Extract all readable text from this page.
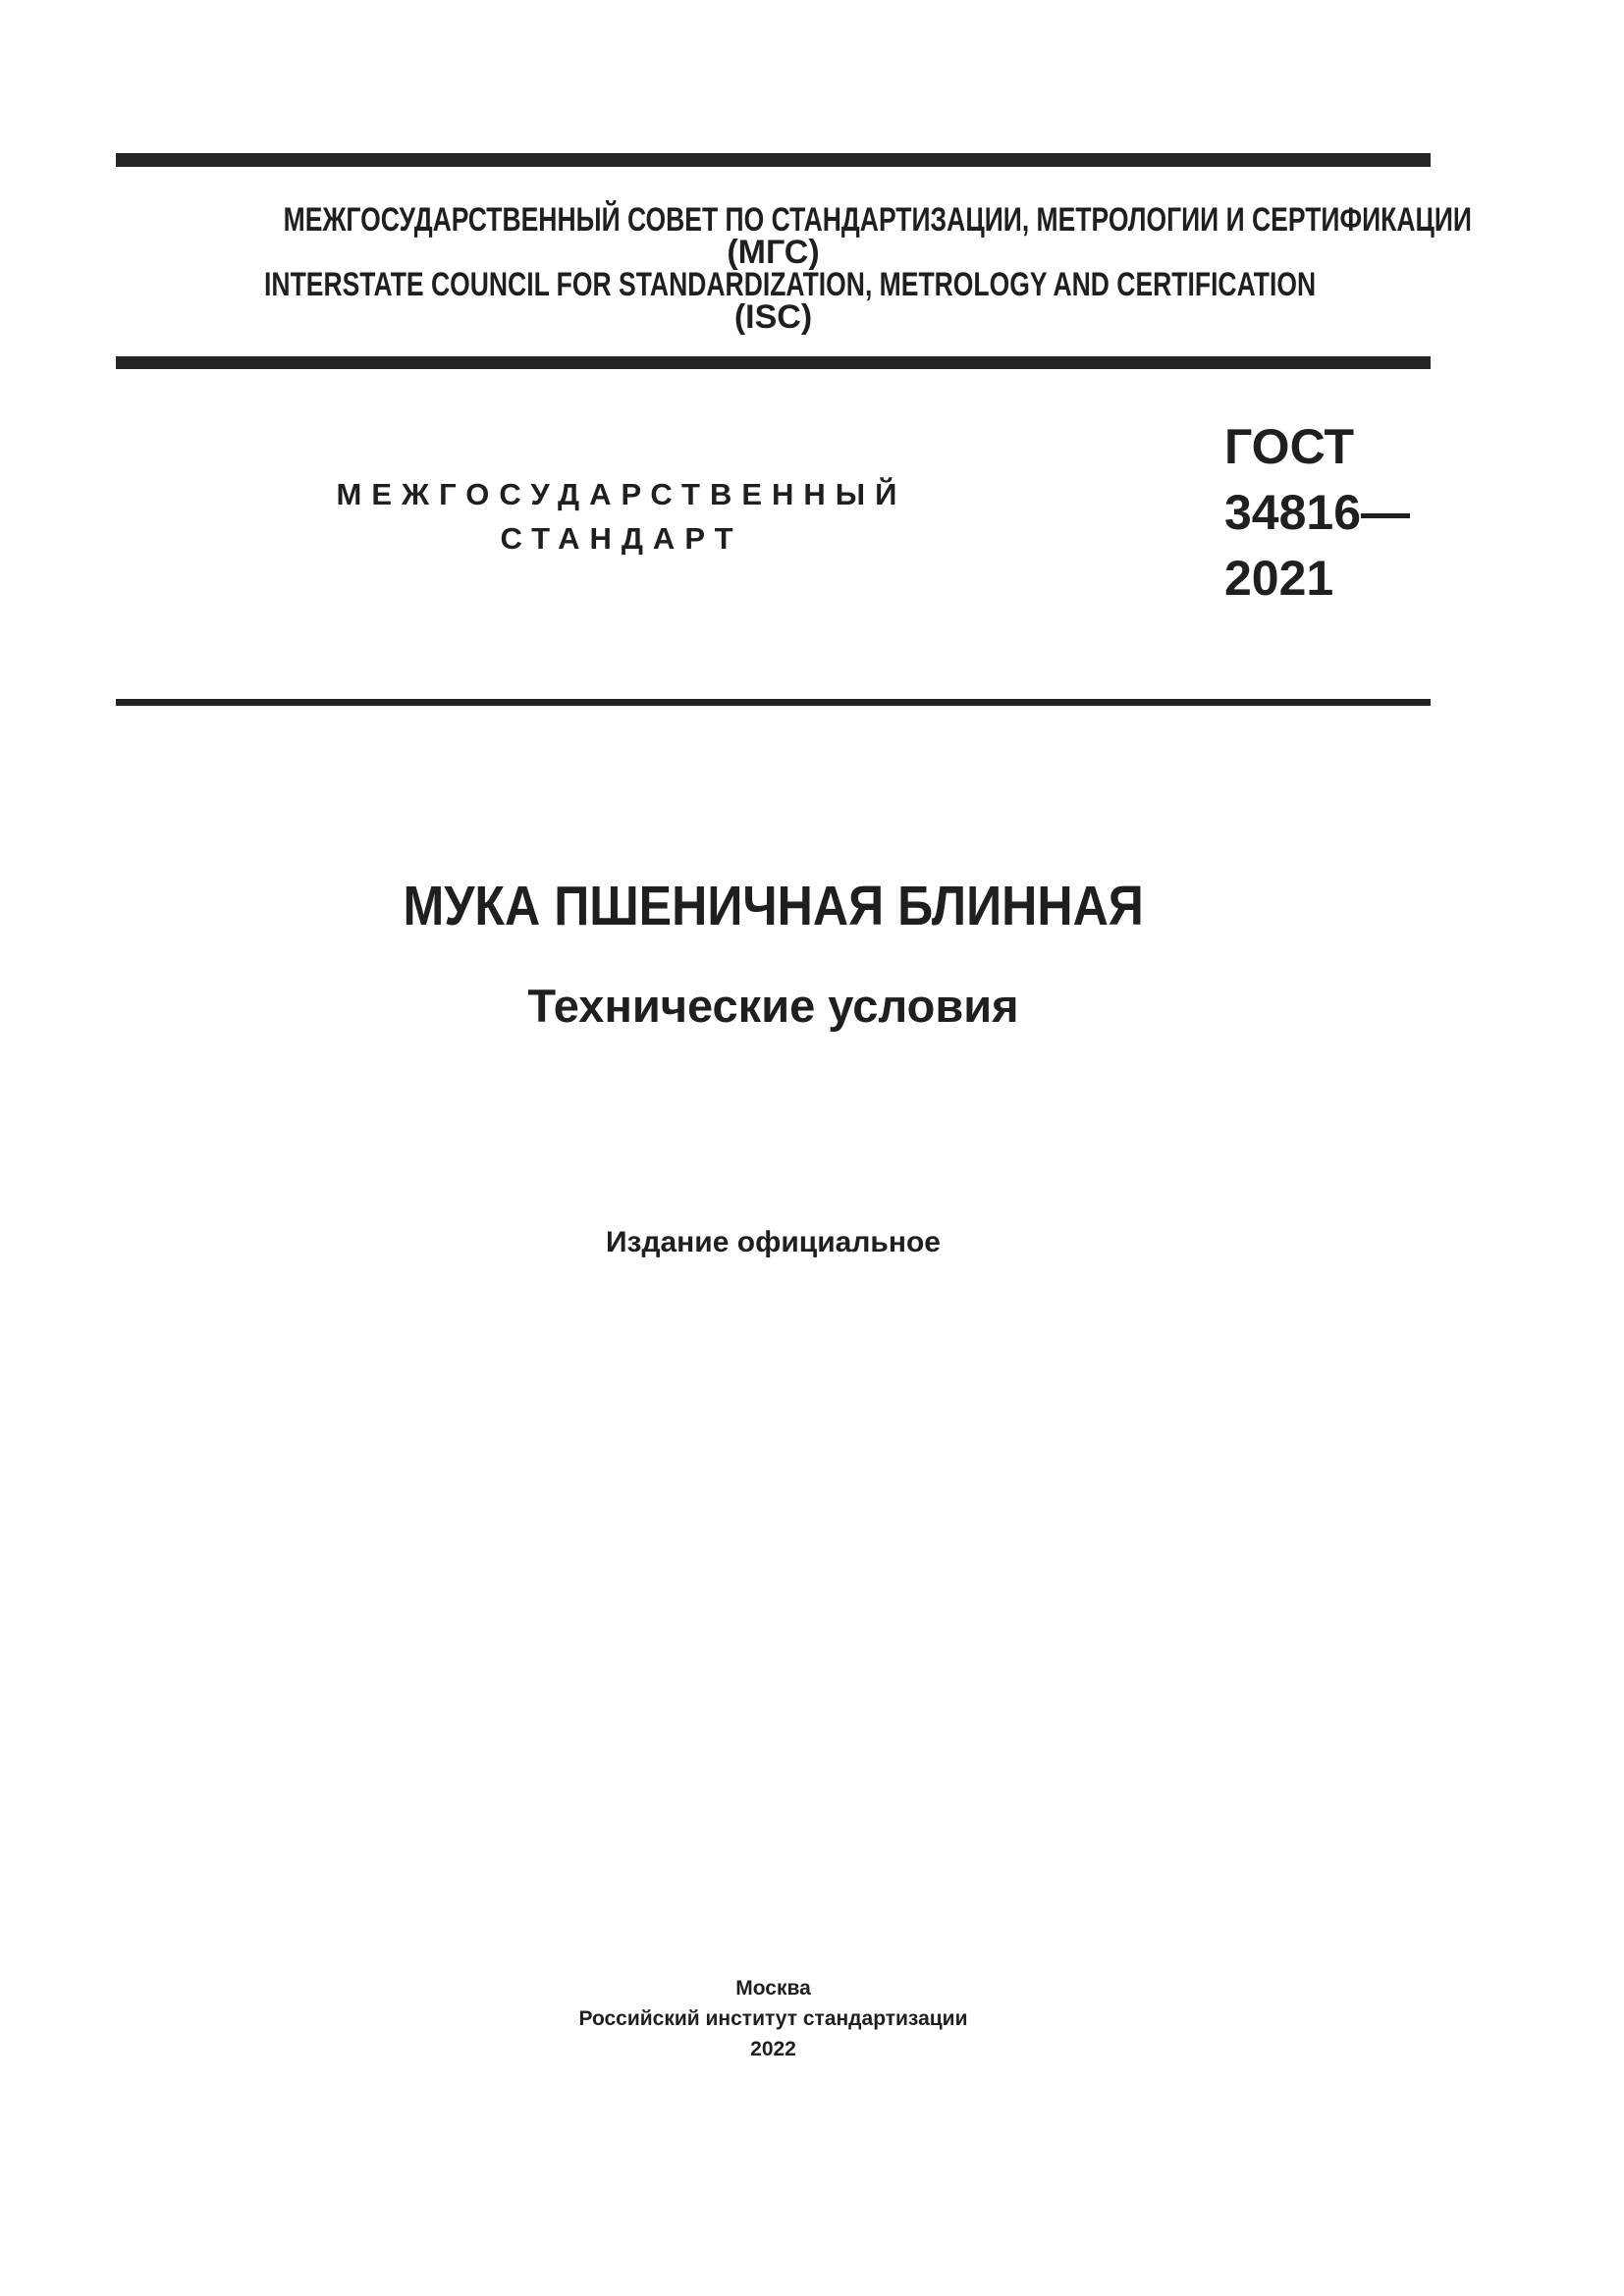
МЕЖГОСУДАРСТВЕННЫЙ СОВЕТ ПО СТАНДАРТИЗАЦИИ, МЕТРОЛОГИИ И СЕРТИФИКАЦИИ
(МГС)
INTERSTATE COUNCIL FOR STANDARDIZATION, METROLOGY AND CERTIFICATION
(ISC)
МЕЖГОСУДАРСТВЕННЫЙ
СТАНДАРТ
ГОСТ
34816—
2021
МУКА ПШЕНИЧНАЯ БЛИННАЯ
Технические условия
Издание официальное
Москва
Российский институт стандартизации
2022
